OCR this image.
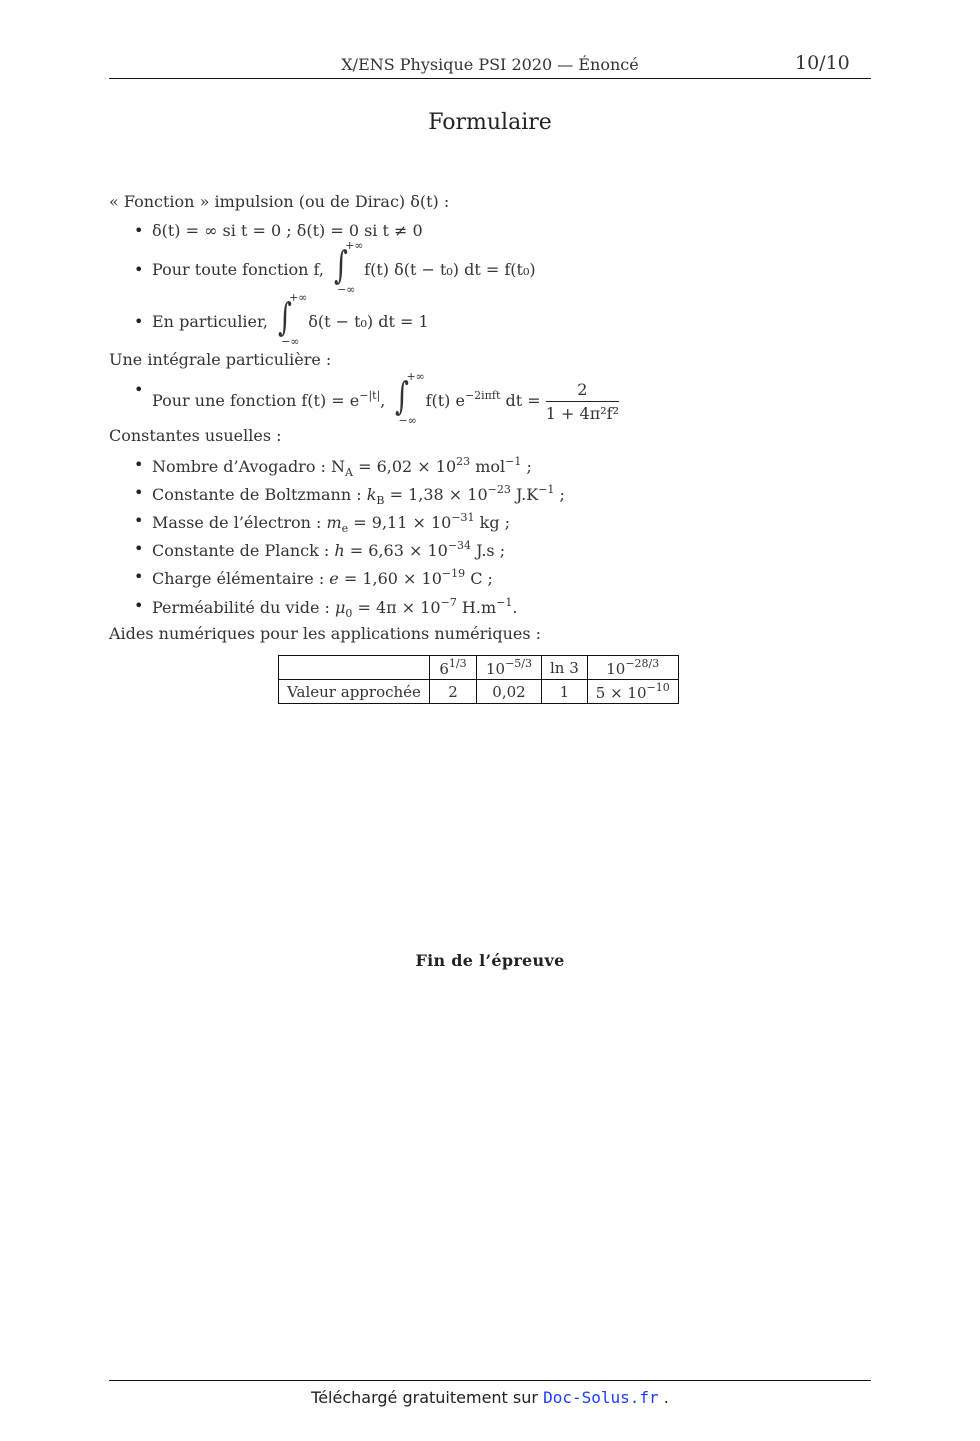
X/ENS Physique PSI 2020 — Énoncé	10/10
Formulaire
« Fonction » impulsion (ou de Dirac) δ(t) :
• δ(t) = ∞ si t = 0 ; δ(t) = 0 si t ≠ 0
• Pour toute fonction f, ∫
+∞
−∞
f(t) δ(t − t₀) dt = f(t₀)
• En particulier, ∫
+∞
−∞
δ(t − t₀) dt = 1
Une intégrale particulière :
• Pour une fonction $f(t) = e^{-|t|}$, ∫
+∞
−∞
f(t) $e^{-2i\pi ft}$ dt = $\frac{2}{\text{1 + 4π²f²}}$
Constantes usuelles :
• Nombre d’Avogadro : $N_A = 6,02 \times 10^{23}$ mol$^{-1}$ ;
• Constante de Boltzmann : $k_B = 1,38 \times 10^{-23}$ $J.K^{-1}$ ;
• Masse de l’électron : $m_e = 9,11 \times 10^{-31}$ kg ;
• Constante de Planck : $h = 6,63 \times 10^{-34}$ J.s ;
• Charge élémentaire : $e = 1,60 \times 10^{-19}$ C ;
• Perméabilité du vide : $\mu_0 = 4\pi \times 10^{-7}$ $H.m^{-1}$.
Aides numériques pour les applications numériques :
	$6^{1/3}$	$10^{-5/3}$	ln 3	$10^{-28/3}$
Valeur approchée	2	0,02	1	$5 \times 10^{-10}$
Fin de l’épreuve
Téléchargé gratuitement sur Doc-Solus.fr .
